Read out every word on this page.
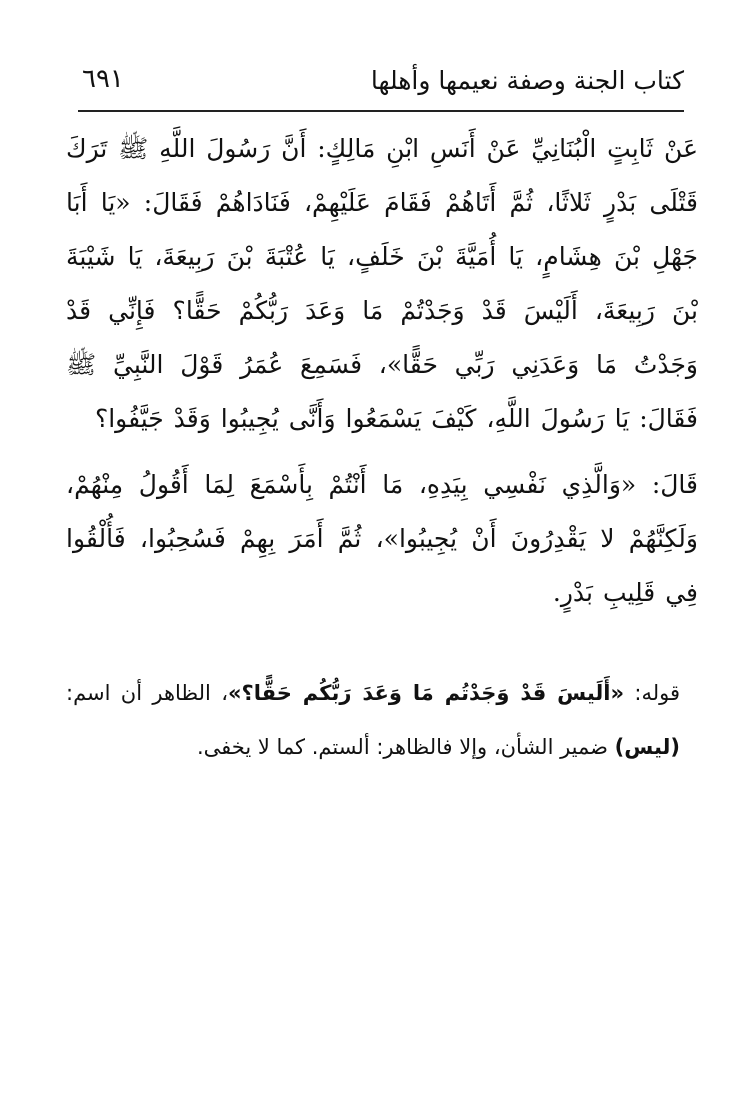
كتاب الجنة وصفة نعيمها وأهلها
٦٩١

عَنْ ثَابِتٍ الْبُنَانِيِّ عَنْ أَنَسِ ابْنِ مَالِكٍ: أَنَّ رَسُولَ اللَّهِ ﷺ تَرَكَ قَتْلَى بَدْرٍ ثَلاثًا، ثُمَّ أَتَاهُمْ فَقَامَ عَلَيْهِمْ، فَنَادَاهُمْ فَقَالَ: «يَا أَبَا جَهْلِ بْنَ هِشَامٍ، يَا أُمَيَّةَ بْنَ خَلَفٍ، يَا عُتْبَةَ بْنَ رَبِيعَةَ، يَا شَيْبَةَ بْنَ رَبِيعَةَ، أَلَيْسَ قَدْ وَجَدْتُمْ مَا وَعَدَ رَبُّكُمْ حَقًّا؟ فَإِنِّي قَدْ وَجَدْتُ مَا وَعَدَنِي رَبِّي حَقًّا»، فَسَمِعَ عُمَرُ قَوْلَ النَّبِيِّ ﷺ فَقَالَ: يَا رَسُولَ اللَّهِ، كَيْفَ يَسْمَعُوا وَأَنَّى يُجِيبُوا وَقَدْ جَيَّفُوا؟

قَالَ: «وَالَّذِي نَفْسِي بِيَدِهِ، مَا أَنْتُمْ بِأَسْمَعَ لِمَا أَقُولُ مِنْهُمْ، وَلَكِنَّهُمْ لا يَقْدِرُونَ أَنْ يُجِيبُوا»، ثُمَّ أَمَرَ بِهِمْ فَسُحِبُوا، فَأُلْقُوا فِي قَلِيبِ بَدْرٍ.

قوله: «أَلَيسَ قَدْ وَجَدْتُم مَا وَعَدَ رَبُّكُم حَقًّا؟»، الظاهر أن اسم: (ليس) ضمير الشأن، وإلا فالظاهر: ألستم. كما لا يخفى.
